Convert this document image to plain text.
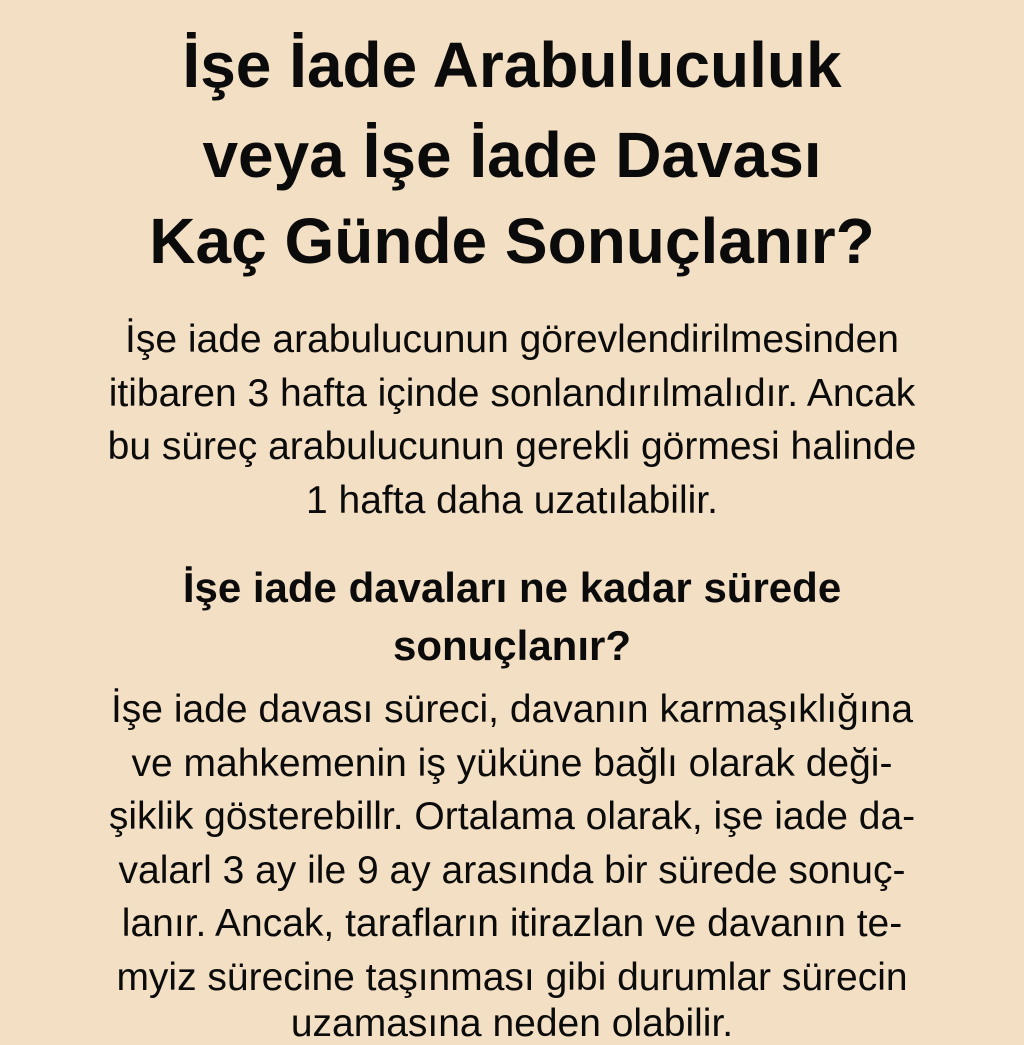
İşe İade Arabuluculuk
veya İşe İade Davası
Kaç Günde Sonuçlanır?
İşe iade arabulucunun görevlendirilmesinden
itibaren 3 hafta içinde sonlandırılmalıdır. Ancak
bu süreç arabulucunun gerekli görmesi halinde
1 hafta daha uzatılabilir.
İşe iade davaları ne kadar sürede
sonuçlanır?
İşe iade davası süreci, davanın karmaşıklığına
ve mahkemenin iş yüküne bağlı olarak deği-
şiklik gösterebillr. Ortalama olarak, işe iade da-
valarl 3 ay ile 9 ay arasında bir sürede sonuç-
lanır. Ancak, tarafların itirazlan ve davanın te-
myiz sürecine taşınması gibi durumlar sürecin
uzamasına neden olabilir.
